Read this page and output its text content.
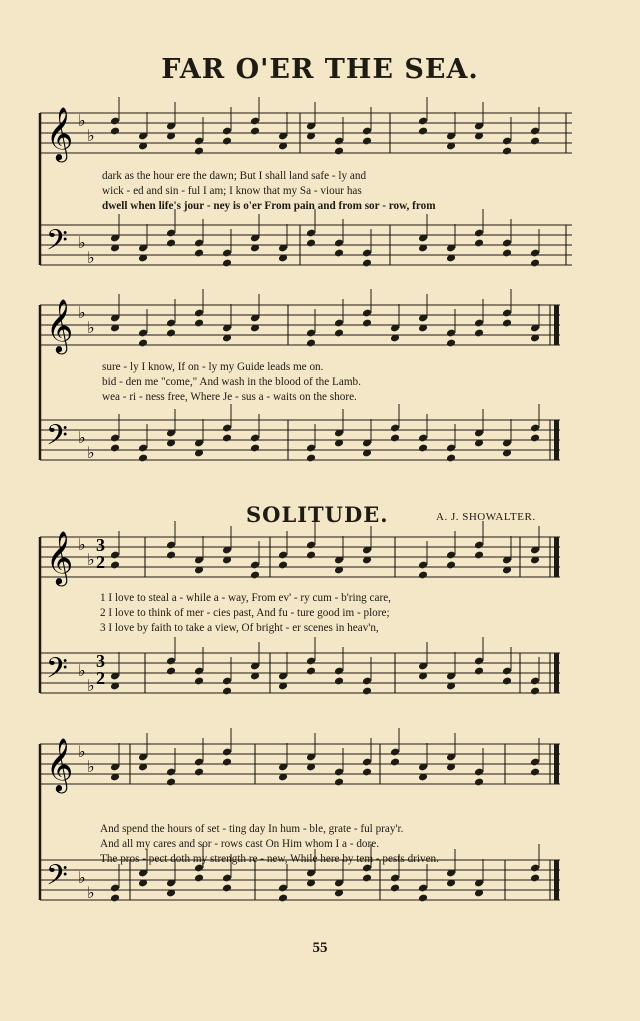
FAR O'ER THE SEA.
SOLITUDE.	A. J. SHOWALTER.
𝄞 ♭
♭
𝄢 ♭
♭
𝄞 ♭
♭
𝄢 ♭
♭
𝄞 ♭
♭
𝄢 ♭
♭
𝄞 ♭
♭
𝄢 ♭
♭
3
2
3
2
dark as the hour ere the dawn; But I shall land safe - ly and
wick - ed and sin - ful I am; I know that my Sa - viour has
dwell when life's jour - ney is o'er From pain and from sor - row, from
sure - ly I know, If on - ly my Guide leads me on.
bid - den me "come," And wash in the blood of the Lamb.
wea - ri - ness free, Where Je - sus a - waits on the shore.
1 I love to steal a - while a - way, From ev' - ry cum - b'ring care,
2 I love to think of mer - cies past, And fu - ture good im - plore;
3 I love by faith to take a view, Of bright - er scenes in heav'n,
And spend the hours of set - ting day In hum - ble, grate - ful pray'r.
And all my cares and sor - rows cast On Him whom I a - dore.
The pros - pect doth my strength re - new, While here by tem - pests driven.
55
